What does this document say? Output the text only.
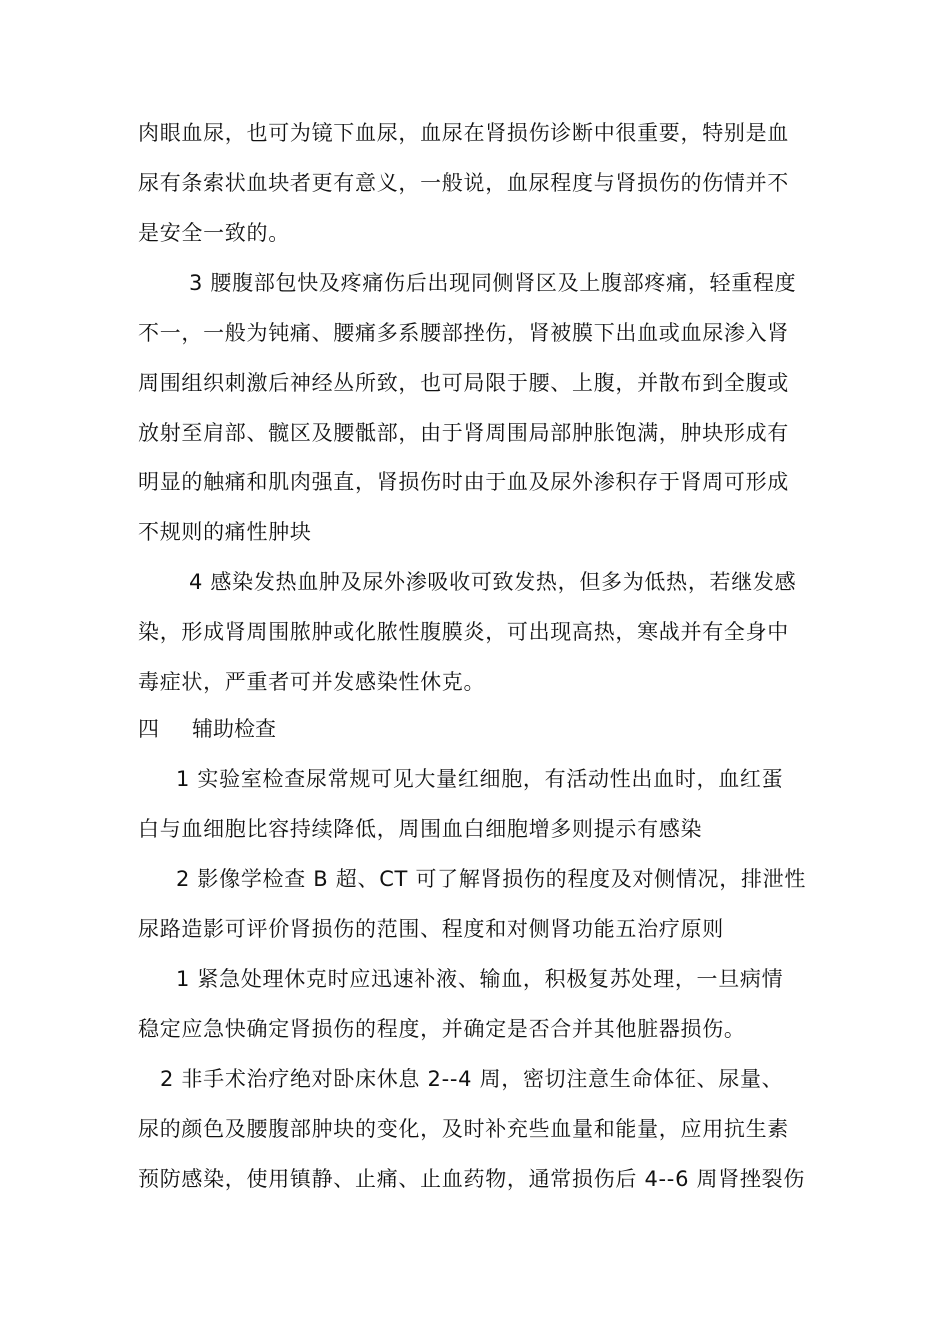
肉眼血尿，也可为镜下血尿，血尿在肾损伤诊断中很重要，特别是血
尿有条索状血块者更有意义，一般说，血尿程度与肾损伤的伤情并不
是安全一致的。
3 腰腹部包快及疼痛伤后出现同侧肾区及上腹部疼痛，轻重程度
不一，一般为钝痛、腰痛多系腰部挫伤，肾被膜下出血或血尿渗入肾
周围组织刺激后神经丛所致，也可局限于腰、上腹，并散布到全腹或
放射至肩部、髋区及腰骶部，由于肾周围局部肿胀饱满，肿块形成有
明显的触痛和肌肉强直，肾损伤时由于血及尿外渗积存于肾周可形成
不规则的痛性肿块
4 感染发热血肿及尿外渗吸收可致发热，但多为低热，若继发感
染，形成肾周围脓肿或化脓性腹膜炎，可出现高热，寒战并有全身中
毒症状，严重者可并发感染性休克。
四 辅助检查
1 实验室检查尿常规可见大量红细胞，有活动性出血时，血红蛋
白与血细胞比容持续降低，周围血白细胞增多则提示有感染
2 影像学检查 B 超、CT 可了解肾损伤的程度及对侧情况，排泄性
尿路造影可评价肾损伤的范围、程度和对侧肾功能五治疗原则
1 紧急处理休克时应迅速补液、输血，积极复苏处理，一旦病情
稳定应急快确定肾损伤的程度，并确定是否合并其他脏器损伤。
2 非手术治疗绝对卧床休息 2--4 周，密切注意生命体征、尿量、
尿的颜色及腰腹部肿块的变化，及时补充些血量和能量，应用抗生素
预防感染，使用镇静、止痛、止血药物，通常损伤后 4--6 周肾挫裂伤
